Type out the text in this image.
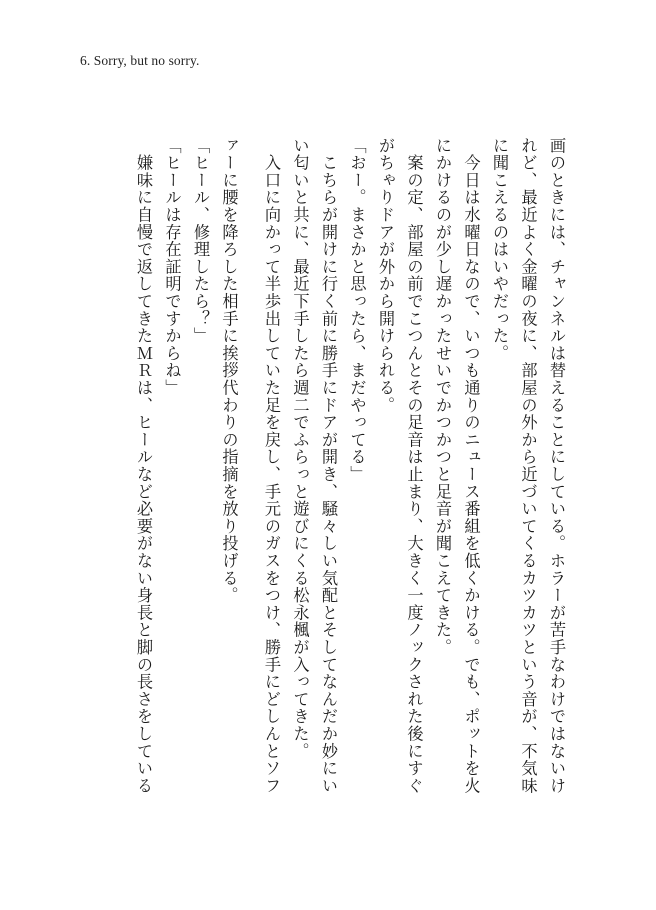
6. Sorry, but no sorry.
画のときには、チャンネルは替えることにしている。ホラーが苦手なわけではないけ
れど、最近よく金曜の夜に、部屋の外から近づいてくるカツカツという音が、不気味
に聞こえるのはいやだった。
　今日は水曜日なので、いつも通りのニュース番組を低くかける。でも、ポットを火
にかけるのが少し遅かったせいでかつかつと足音が聞こえてきた。
　案の定、部屋の前でこつんとその足音は止まり、大きく一度ノックされた後にすぐ
がちゃりドアが外から開けられる。
「おー。まさかと思ったら、まだやってる」
　こちらが開けに行く前に勝手にドアが開き、騒々しい気配とそしてなんだか妙にい
い匂いと共に、最近下手したら週二でふらっと遊びにくる松永楓が入ってきた。
　入口に向かって半歩出していた足を戻し、手元のガスをつけ、勝手にどしんとソフ
ァーに腰を降ろした相手に挨拶代わりの指摘を放り投げる。
「ヒール、修理したら？」
「ヒールは存在証明ですからね」
　嫌味に自慢で返してきたＭＲは、ヒールなど必要がない身長と脚の長さをしている
